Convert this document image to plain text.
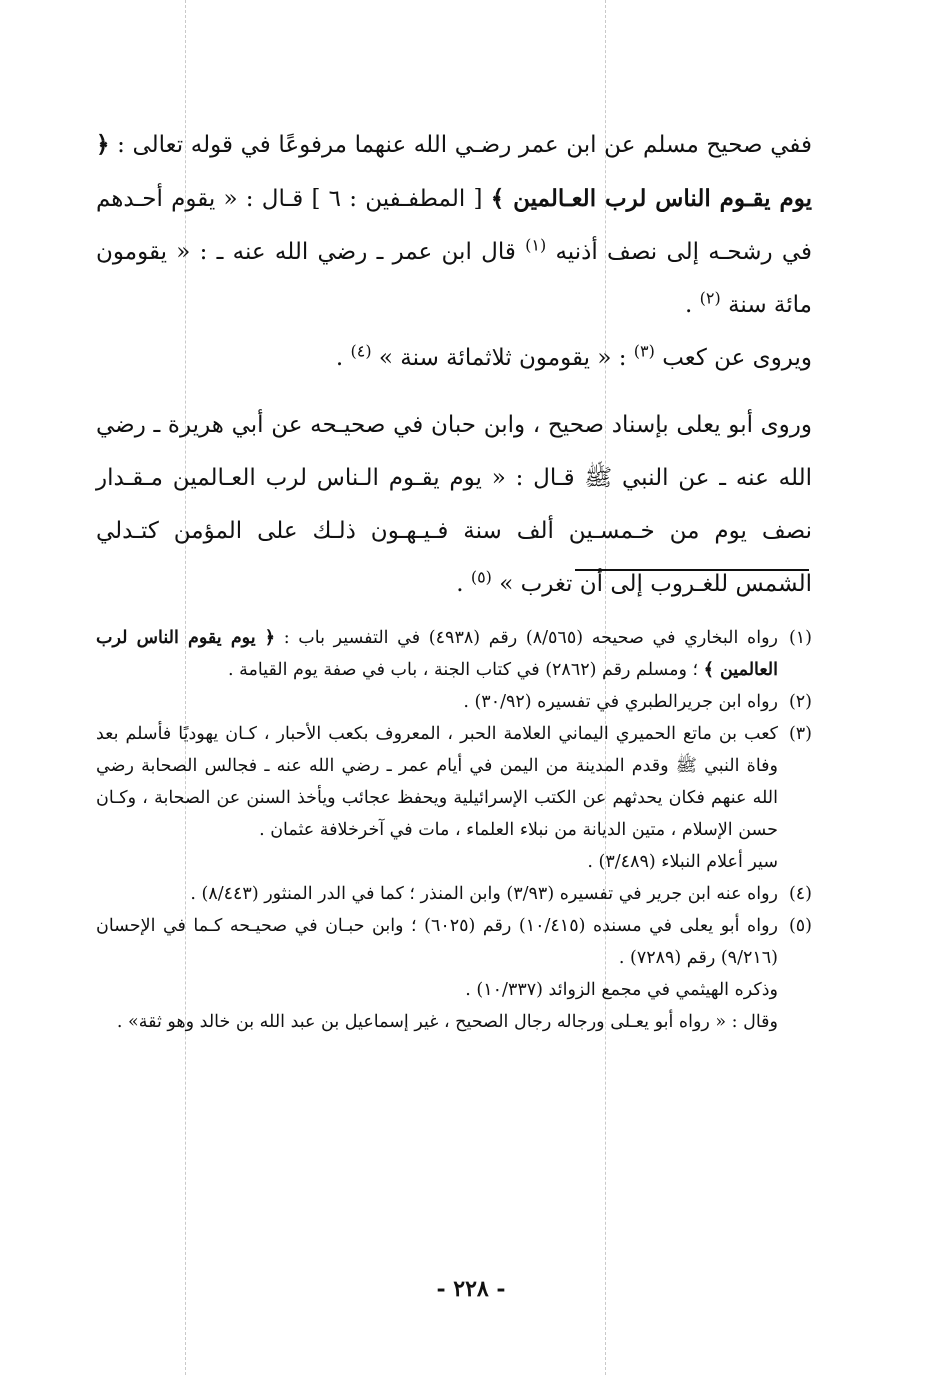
ففي صحيح مسلم عن ابن عمر رضـي الله عنهما مرفوعًا في قوله تعالى : ﴿ يوم يقـوم الناس لرب العـالمين ﴾ [ المطفـفين : ٦ ] قـال : « يقوم أحـدهم في رشحـه إلى نصف أذنيه $^{(١)}$ قال ابن عمر ـ رضي الله عنه ـ : « يقومون مائة سنة $^{(٢)}$ .

ويروى عن كعب $^{(٣)}$ : « يقومون ثلاثمائة سنة » $^{(٤)}$ .

وروى أبو يعلى بإسناد صحيح ، وابن حبان في صحيـحه عن أبي هريرة ـ رضي الله عنه ـ عن النبي ﷺ قـال : « يوم يقـوم الـناس لرب العـالمين مـقـدار نصف يوم من خـمسـين ألف سنة فـيـهـون ذلـك على المؤمن كتـدلي الشمس للغـروب إلى أن تغرب » $^{(٥)}$ .

(١)

رواه البخاري في صحيحه (٨/٥٦٥) رقم (٤٩٣٨) في التفسير باب : ﴿ يوم يقوم الناس لرب العالمين ﴾ ؛ ومسلم رقم (٢٨٦٢) في كتاب الجنة ، باب في صفة يوم القيامة .

(٢)

رواه ابن جريرالطبري في تفسيره (٣٠/٩٢) .

(٣)

كعب بن ماتع الحميري اليماني العلامة الحبر ، المعروف بكعب الأحبار ، كـان يهوديًا فأسلم بعد وفاة النبي ﷺ وقدم المدينة من اليمن في أيام عمر ـ رضي الله عنه ـ فجالس الصحابة رضي الله عنهم فكان يحدثهم عن الكتب الإسرائيلية ويحفظ عجائب ويأخذ السنن عن الصحابة ، وكـان حسن الإسلام ، متين الديانة من نبلاء العلماء ، مات في آخرخلافة عثمان .

سير أعلام النبلاء (٣/٤٨٩) .

(٤)

رواه عنه ابن جرير في تفسيره (٣/٩٣) وابن المنذر ؛ كما في الدر المنثور (٨/٤٤٣) .

(٥)

رواه أبو يعلى في مسنده (١٠/٤١٥) رقم (٦٠٢٥) ؛ وابن حبـان في صحيـحه كـما في الإحسان (٩/٢١٦) رقم (٧٢٨٩) .

وذكره الهيثمي في مجمع الزوائد (١٠/٣٣٧) .

وقال : « رواه أبو يعـلى ورجاله رجال الصحيح ، غير إسماعيل بن عبد الله بن خالد وهو ثقة» .

- ٢٢٨ -
